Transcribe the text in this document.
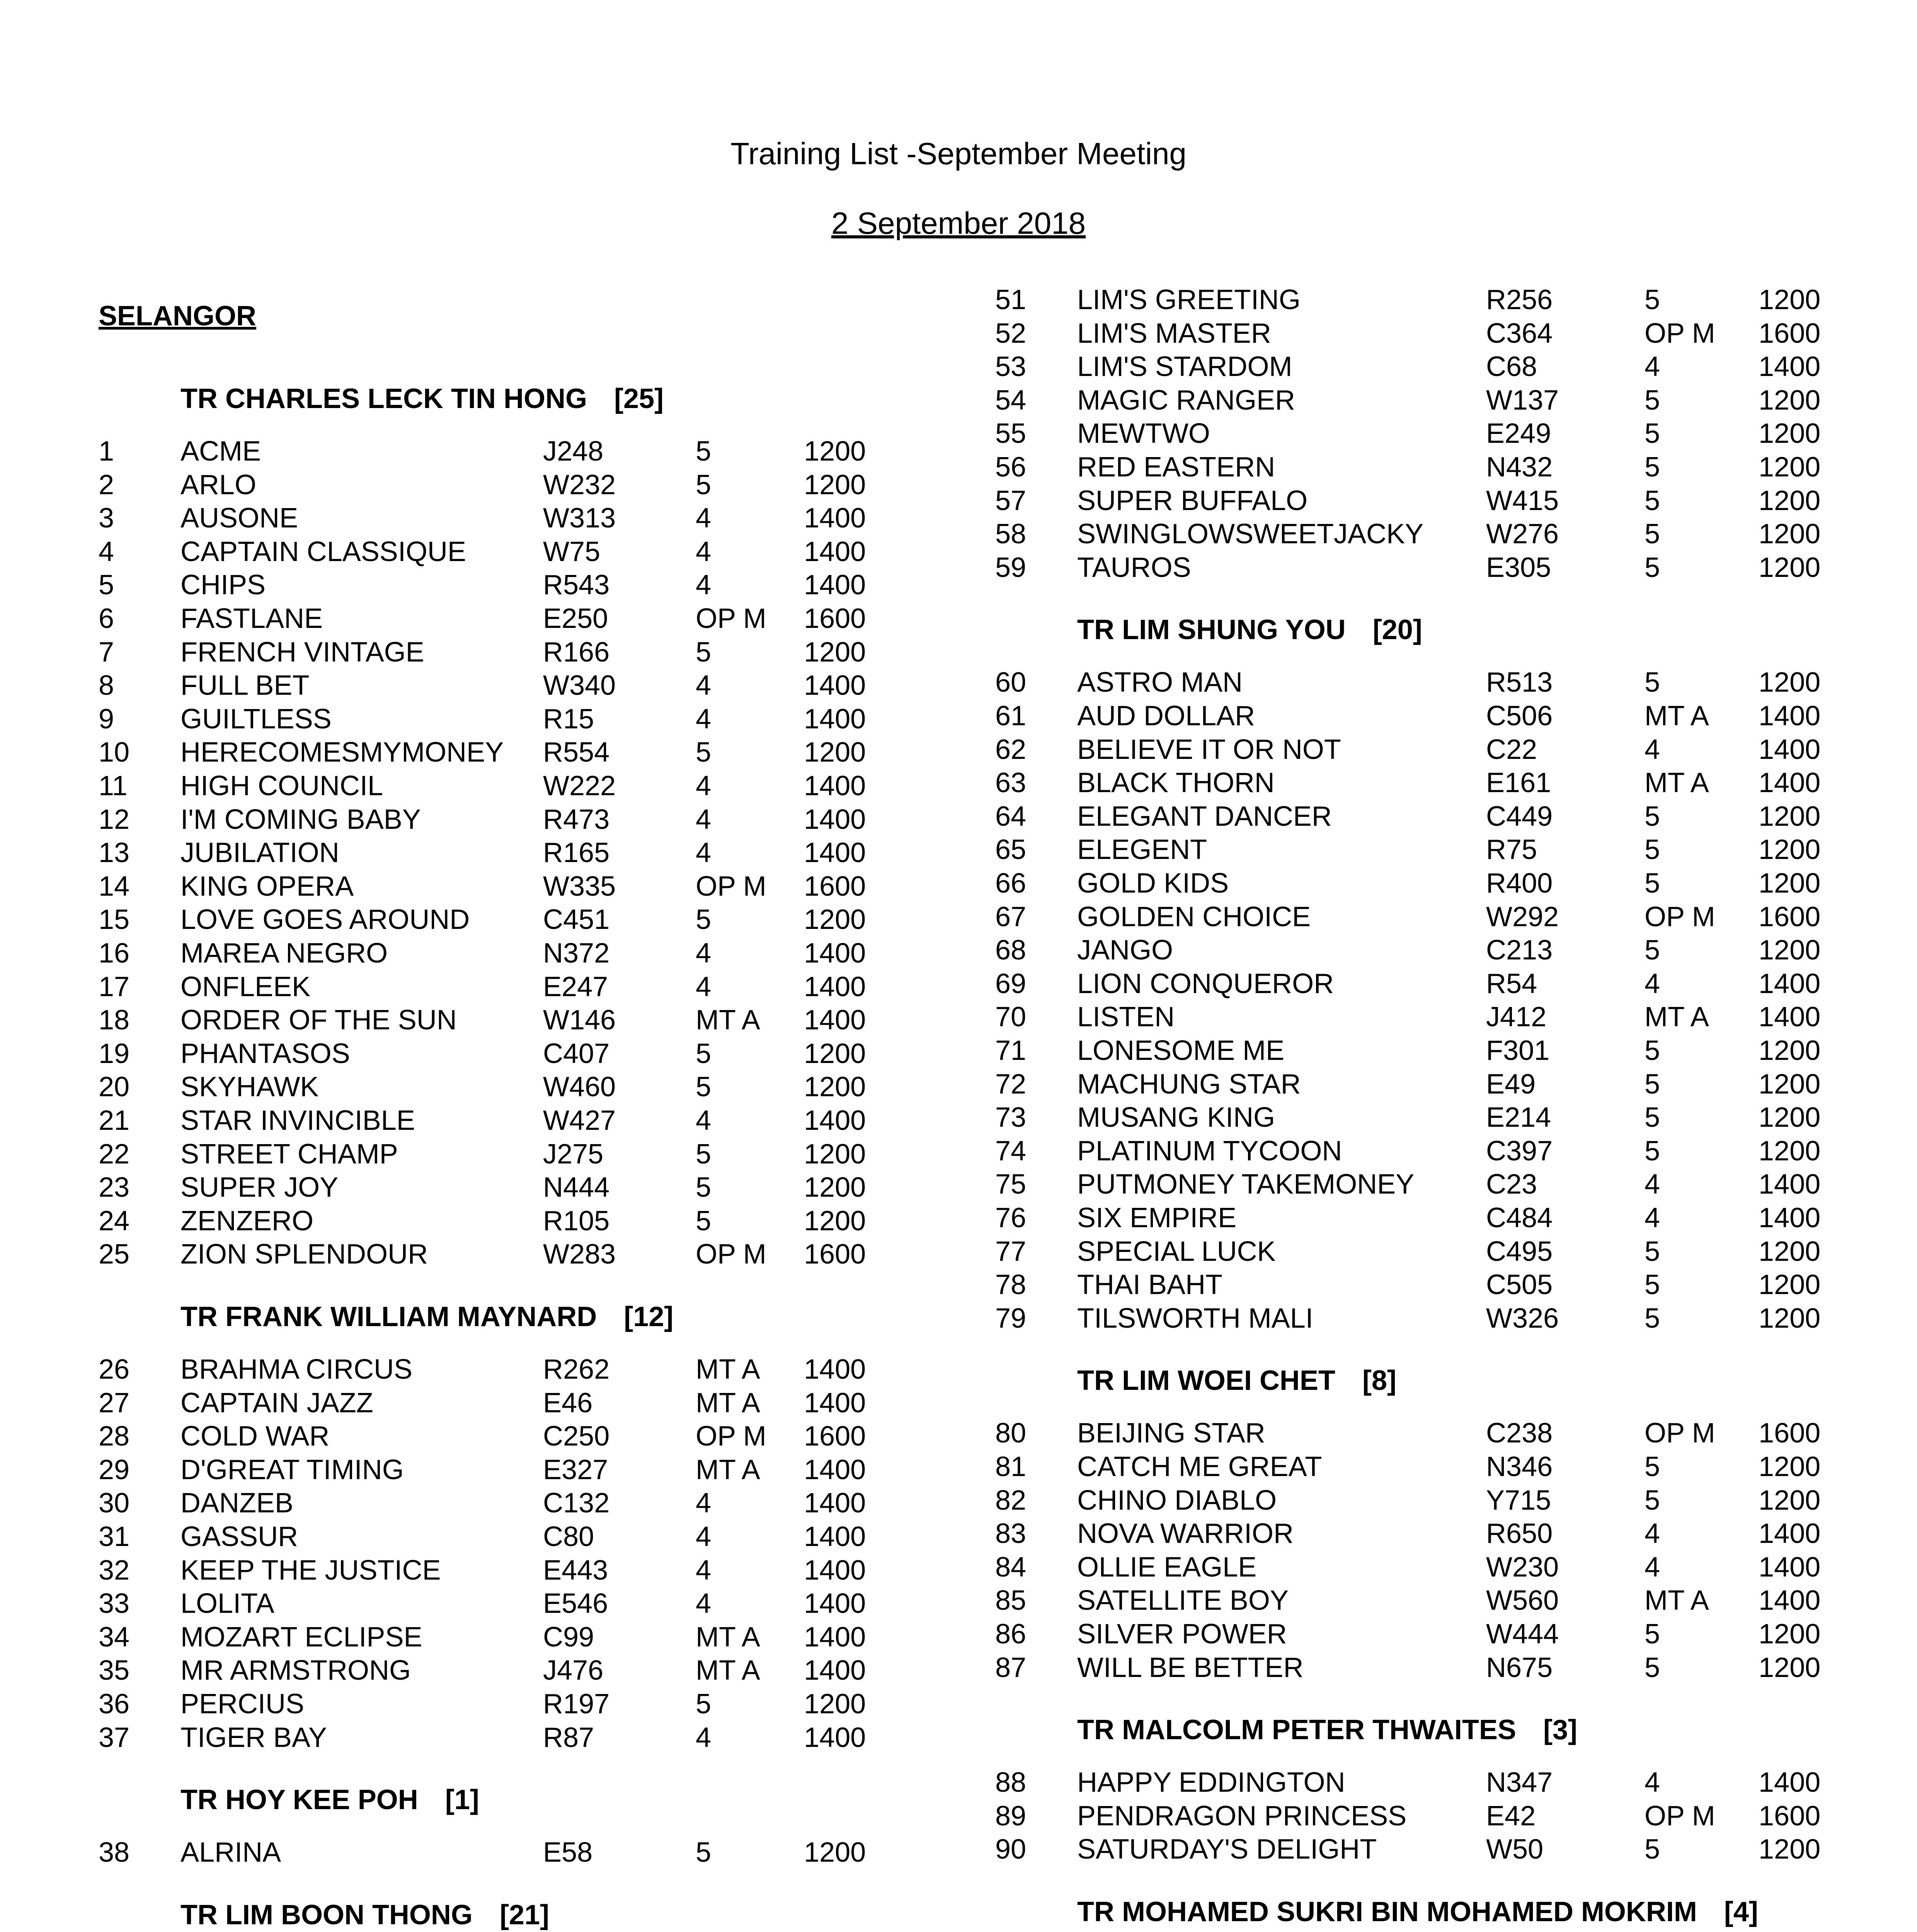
Training List -September Meeting
2 September 2018
SELANGOR
TR CHARLES LECK TIN HONG [25]
1 ACME	J248	5	1200
2 ARLO	W232	5	1200
3 AUSONE	W313	4	1400
4 CAPTAIN CLASSIQUE	W75	4	1400
5 CHIPS	R543	4	1400
6 FASTLANE	E250	OP M 1600
7 FRENCH VINTAGE	R166	5	1200
8 FULL BET	W340	4	1400
9 GUILTLESS	R15	4	1400
10 HERECOMESMYMONEY R554	5	1200
11 HIGH COUNCIL	W222	4	1400
12 I'M COMING BABY	R473	4	1400
13 JUBILATION	R165	4	1400
14 KING OPERA	W335	OP M 1600
15 LOVE GOES AROUND	C451	5	1200
16 MAREA NEGRO	N372	4	1400
17 ONFLEEK	E247	4	1400
18 ORDER OF THE SUN	W146	MT A 1400
19 PHANTASOS	C407	5	1200
20 SKYHAWK	W460	5	1200
21 STAR INVINCIBLE	W427	4	1400
22 STREET CHAMP	J275	5	1200
23 SUPER JOY	N444	5	1200
24 ZENZERO	R105	5	1200
25 ZION SPLENDOUR	W283	OP M 1600
TR FRANK WILLIAM MAYNARD [12]
26 BRAHMA CIRCUS	R262	MT A 1400
27 CAPTAIN JAZZ	E46	MT A 1400
28 COLD WAR	C250	OP M 1600
29 D'GREAT TIMING	E327	MT A 1400
30 DANZEB	C132	4	1400
31 GASSUR	C80	4	1400
32 KEEP THE JUSTICE	E443	4	1400
33 LOLITA	E546	4	1400
34 MOZART ECLIPSE	C99	MT A 1400
35 MR ARMSTRONG	J476	MT A 1400
36 PERCIUS	R197	5	1200
37 TIGER BAY	R87	4	1400
TR HOY KEE POH [1]
38 ALRINA	E58	5	1200
TR LIM BOON THONG [21]
51 LIM'S GREETING	R256	5	1200
52 LIM'S MASTER	C364	OP M 1600
53 LIM'S STARDOM	C68	4	1400
54 MAGIC RANGER	W137	5	1200
55 MEWTWO	E249	5	1200
56 RED EASTERN	N432	5	1200
57 SUPER BUFFALO	W415	5	1200
58 SWINGLOWSWEETJACKY W276	5	1200
59 TAUROS	E305	5	1200
TR LIM SHUNG YOU [20]
60 ASTRO MAN	R513	5	1200
61 AUD DOLLAR	C506	MT A 1400
62 BELIEVE IT OR NOT	C22	4	1400
63 BLACK THORN	E161	MT A 1400
64 ELEGANT DANCER	C449	5	1200
65 ELEGENT	R75	5	1200
66 GOLD KIDS	R400	5	1200
67 GOLDEN CHOICE	W292	OP M 1600
68 JANGO	C213	5	1200
69 LION CONQUEROR	R54	4	1400
70 LISTEN	J412	MT A 1400
71 LONESOME ME	F301	5	1200
72 MACHUNG STAR	E49	5	1200
73 MUSANG KING	E214	5	1200
74 PLATINUM TYCOON	C397	5	1200
75 PUTMONEY TAKEMONEY	C23	4	1400
76 SIX EMPIRE	C484	4	1400
77 SPECIAL LUCK	C495	5	1200
78 THAI BAHT	C505	5	1200
79 TILSWORTH MALI	W326	5	1200
TR LIM WOEI CHET [8]
80 BEIJING STAR	C238	OP M 1600
81 CATCH ME GREAT	N346	5	1200
82 CHINO DIABLO	Y715	5	1200
83 NOVA WARRIOR	R650	4	1400
84 OLLIE EAGLE	W230	4	1400
85 SATELLITE BOY	W560	MT A 1400
86 SILVER POWER	W444	5	1200
87 WILL BE BETTER	N675	5	1200
TR MALCOLM PETER THWAITES [3]
88 HAPPY EDDINGTON	N347	4	1400
89 PENDRAGON PRINCESS	E42	OP M 1600
90 SATURDAY'S DELIGHT	W50	5	1200
TR MOHAMED SUKRI BIN MOHAMED MOKRIM [4]
